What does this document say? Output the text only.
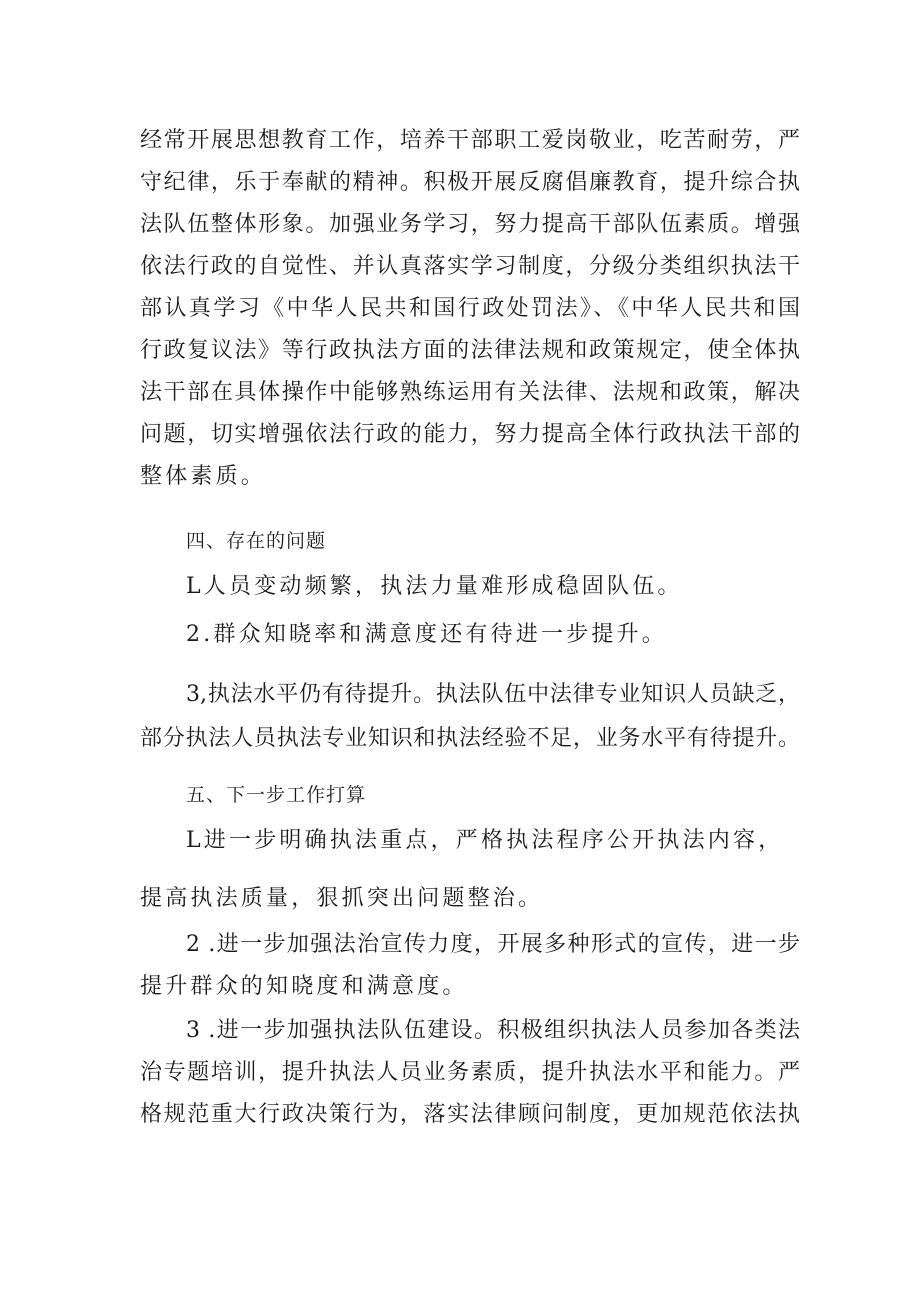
经常开展思想教育工作，培养干部职工爱岗敬业，吃苦耐劳，严
守纪律，乐于奉献的精神。积极开展反腐倡廉教育，提升综合执
法队伍整体形象。加强业务学习，努力提高干部队伍素质。增强
依法行政的自觉性、并认真落实学习制度，分级分类组织执法干
部认真学习《中华人民共和国行政处罚法》、《中华人民共和国
行政复议法》等行政执法方面的法律法规和政策规定，使全体执
法干部在具体操作中能够熟练运用有关法律、法规和政策，解决
问题，切实增强依法行政的能力，努力提高全体行政执法干部的
整体素质。
四、存在的问题
L人员变动频繁，执法力量难形成稳固队伍。
2.群众知晓率和满意度还有待进一步提升。
3,执法水平仍有待提升。执法队伍中法律专业知识人员缺乏，
部分执法人员执法专业知识和执法经验不足，业务水平有待提升。
五、下一步工作打算
L进一步明确执法重点，严格执法程序公开执法内容，
提高执法质量，狠抓突出问题整治。
2 .进一步加强法治宣传力度，开展多种形式的宣传，进一步
提升群众的知晓度和满意度。
3 .进一步加强执法队伍建设。积极组织执法人员参加各类法
治专题培训，提升执法人员业务素质，提升执法水平和能力。严
格规范重大行政决策行为，落实法律顾问制度，更加规范依法执
